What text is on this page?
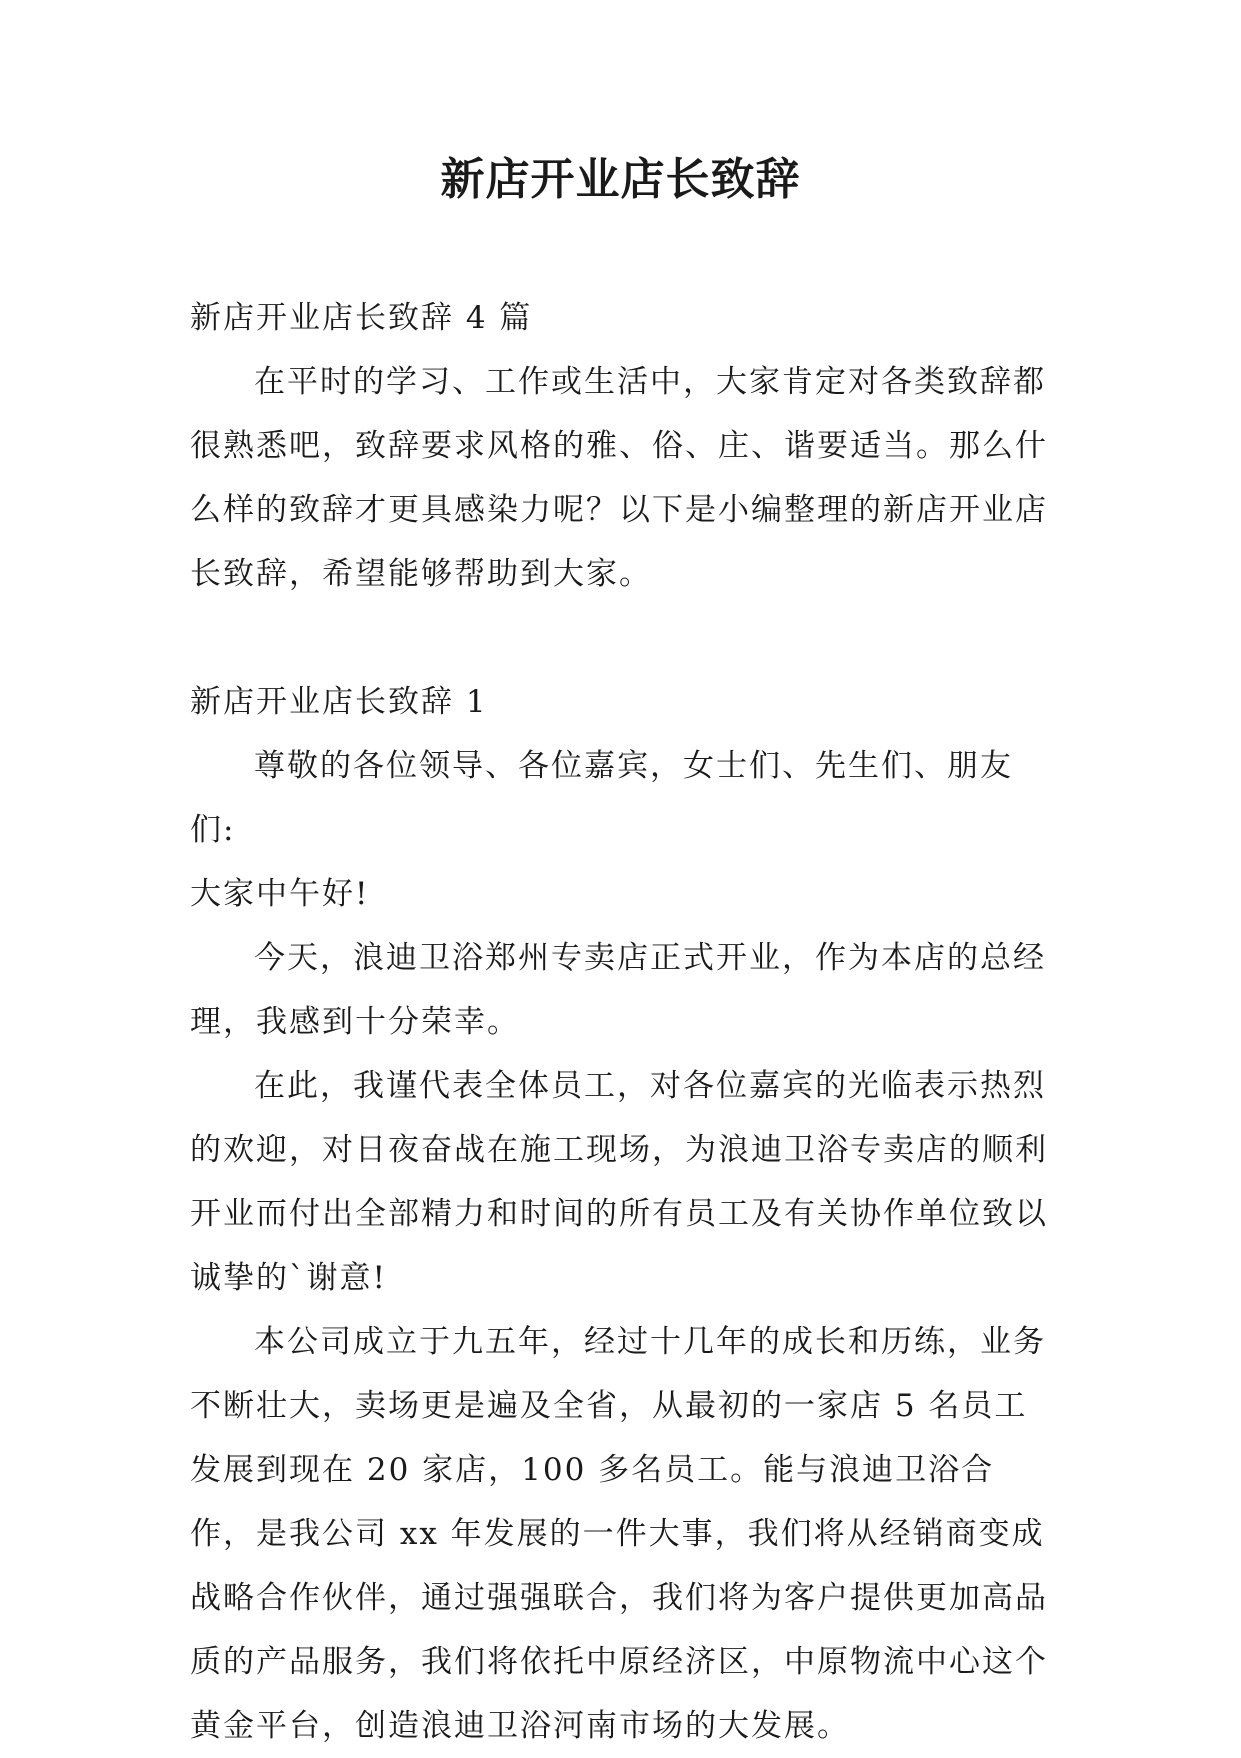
新店开业店长致辞

新店开业店长致辞 4 篇

在平时的学习、工作或生活中，大家肯定对各类致辞都很熟悉吧，致辞要求风格的雅、俗、庄、谐要适当。那么什么样的致辞才更具感染力呢？以下是小编整理的新店开业店长致辞，希望能够帮助到大家。

新店开业店长致辞 1

尊敬的各位领导、各位嘉宾，女士们、先生们、朋友们:

大家中午好!

今天，浪迪卫浴郑州专卖店正式开业，作为本店的总经理，我感到十分荣幸。

在此，我谨代表全体员工，对各位嘉宾的光临表示热烈的欢迎，对日夜奋战在施工现场，为浪迪卫浴专卖店的顺利开业而付出全部精力和时间的所有员工及有关协作单位致以诚挚的`谢意!

本公司成立于九五年，经过十几年的成长和历练，业务不断壮大，卖场更是遍及全省，从最初的一家店 5 名员工发展到现在 20 家店，100 多名员工。能与浪迪卫浴合作，是我公司 xx 年发展的一件大事，我们将从经销商变成战略合作伙伴，通过强强联合，我们将为客户提供更加高品质的产品服务，我们将依托中原经济区，中原物流中心这个黄金平台，创造浪迪卫浴河南市场的大发展。
